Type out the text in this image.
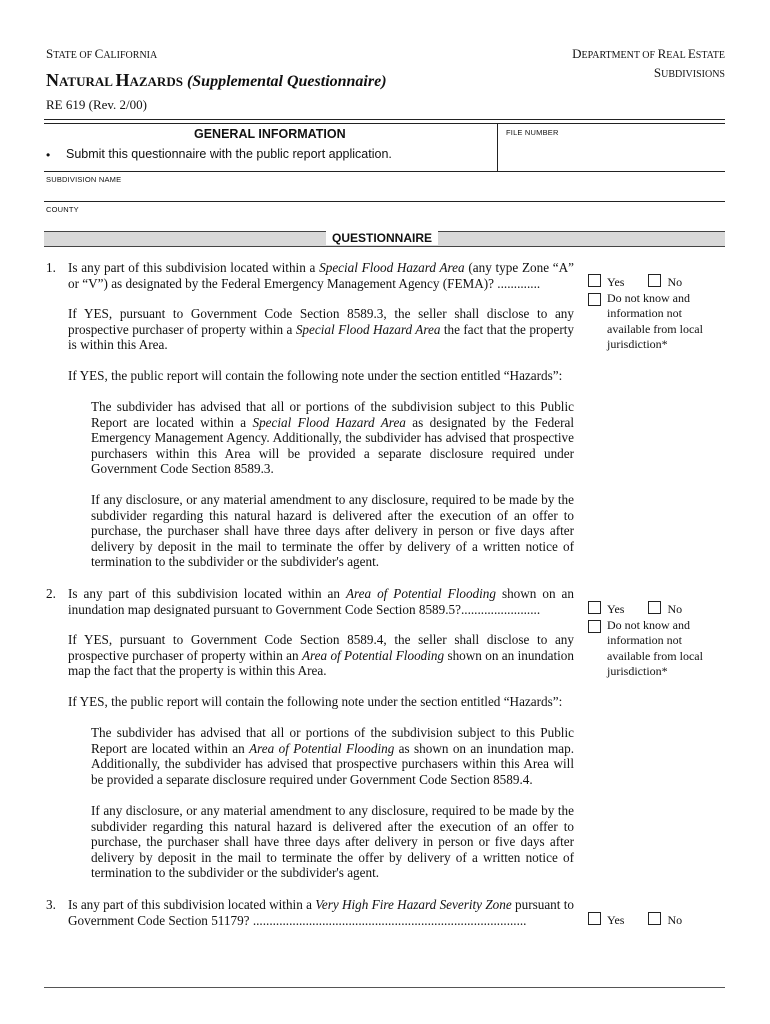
STATE OF CALIFORNIA	DEPARTMENT OF REAL ESTATE
SUBDIVISIONS
NATURAL HAZARDS (Supplemental Questionnaire)
RE 619 (Rev. 2/00)
GENERAL INFORMATION	FILE NUMBER
• Submit this questionnaire with the public report application.
SUBDIVISION NAME
COUNTY
QUESTIONNAIRE
1. Is any part of this subdivision located within a Special Flood Hazard Area (any type Zone “A” or “V”) as designated by the Federal Emergency Management Agency (FEMA)? .............	Yes	No
Do not know and information not available from local jurisdiction*
If YES, pursuant to Government Code Section 8589.3, the seller shall disclose to any prospective purchaser of property within a Special Flood Hazard Area the fact that the property is within this Area.
If YES, the public report will contain the following note under the section entitled “Hazards”:
The subdivider has advised that all or portions of the subdivision subject to this Public Report are located within a Special Flood Hazard Area as designated by the Federal Emergency Management Agency. Additionally, the subdivider has advised that prospective purchasers within this Area will be provided a separate disclosure required under Government Code Section 8589.3.
If any disclosure, or any material amendment to any disclosure, required to be made by the subdivider regarding this natural hazard is delivered after the execution of an offer to purchase, the purchaser shall have three days after delivery in person or five days after delivery by deposit in the mail to terminate the offer by delivery of a written notice of termination to the subdivider or the subdivider's agent.
2. Is any part of this subdivision located within an Area of Potential Flooding shown on an inundation map designated pursuant to Government Code Section 8589.5?........................	Yes	No
Do not know and information not available from local jurisdiction*
If YES, pursuant to Government Code Section 8589.4, the seller shall disclose to any prospective purchaser of property within an Area of Potential Flooding shown on an inundation map the fact that the property is within this Area.
If YES, the public report will contain the following note under the section entitled “Hazards”:
The subdivider has advised that all or portions of the subdivision subject to this Public Report are located within an Area of Potential Flooding as shown on an inundation map. Additionally, the subdivider has advised that prospective purchasers within this Area will be provided a separate disclosure required under Government Code Section 8589.4.
If any disclosure, or any material amendment to any disclosure, required to be made by the subdivider regarding this natural hazard is delivered after the execution of an offer to purchase, the purchaser shall have three days after delivery in person or five days after delivery by deposit in the mail to terminate the offer by delivery of a written notice of termination to the subdivider or the subdivider's agent.
3. Is any part of this subdivision located within a Very High Fire Hazard Severity Zone pursuant to Government Code Section 51179? ...................................................................................	Yes	No
